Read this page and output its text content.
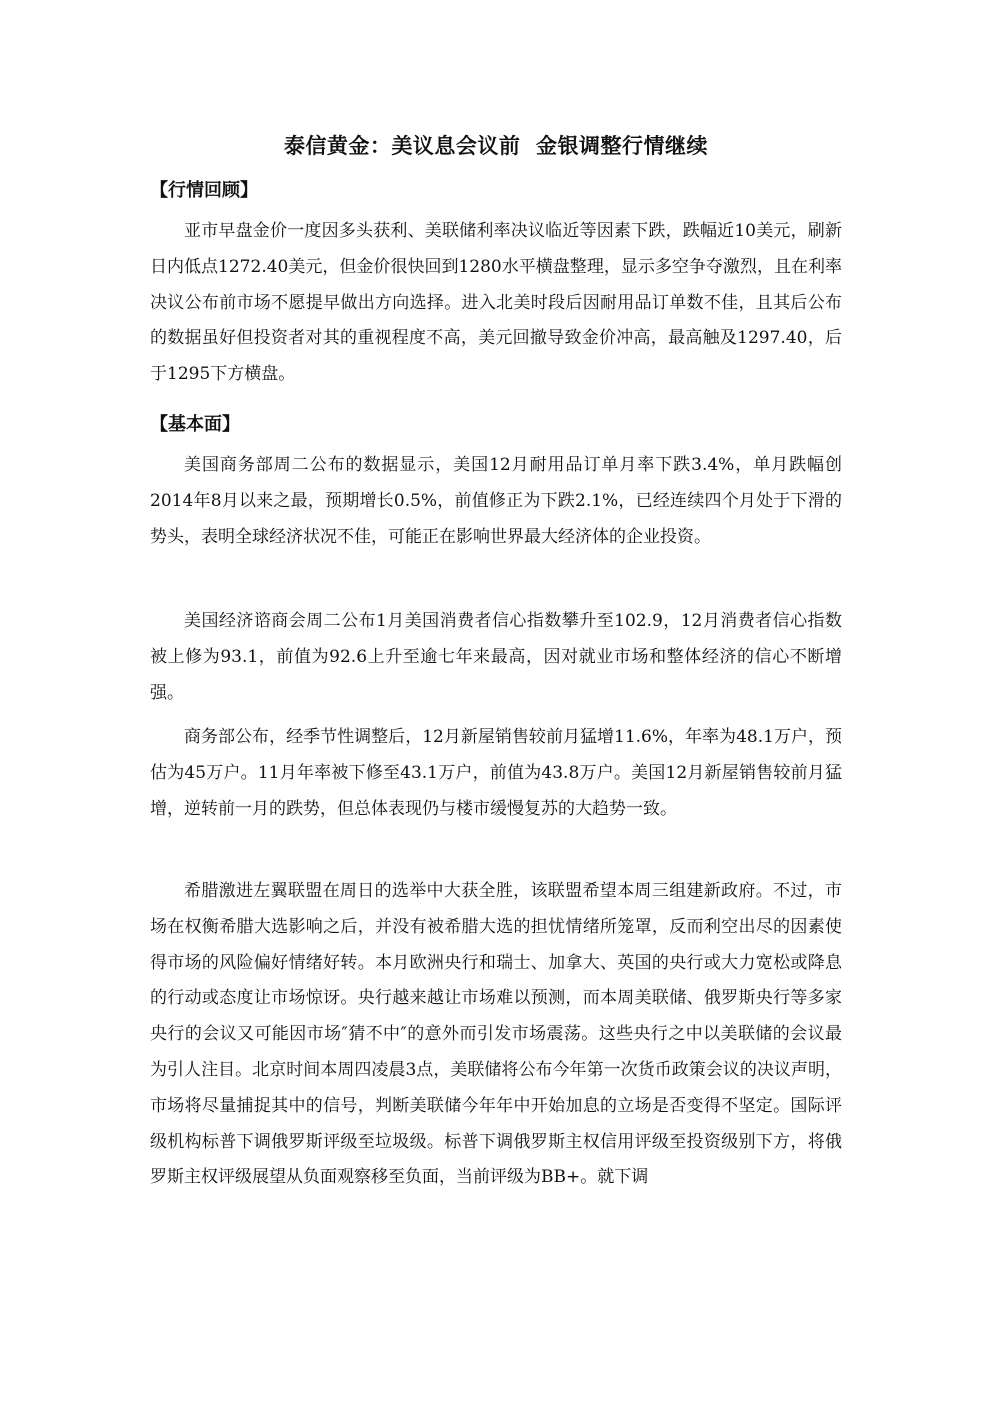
泰信黄金：美议息会议前  金银调整行情继续
【行情回顾】

亚市早盘金价一度因多头获利、美联储利率决议临近等因素下跌，跌幅近10美元，刷新日内低点1272.40美元，但金价很快回到1280水平横盘整理，显示多空争夺激烈，且在利率决议公布前市场不愿提早做出方向选择。进入北美时段后因耐用品订单数不佳，且其后公布的数据虽好但投资者对其的重视程度不高，美元回撤导致金价冲高，最高触及1297.40，后于1295下方横盘。

【基本面】

美国商务部周二公布的数据显示，美国12月耐用品订单月率下跌3.4%，单月跌幅创2014年8月以来之最，预期增长0.5%，前值修正为下跌2.1%，已经连续四个月处于下滑的势头，表明全球经济状况不佳，可能正在影响世界最大经济体的企业投资。

美国经济谘商会周二公布1月美国消费者信心指数攀升至102.9，12月消费者信心指数被上修为93.1，前值为92.6上升至逾七年来最高，因对就业市场和整体经济的信心不断增强。

商务部公布，经季节性调整后，12月新屋销售较前月猛增11.6%，年率为48.1万户，预估为45万户。11月年率被下修至43.1万户，前值为43.8万户。美国12月新屋销售较前月猛增，逆转前一月的跌势，但总体表现仍与楼市缓慢复苏的大趋势一致。

希腊激进左翼联盟在周日的选举中大获全胜，该联盟希望本周三组建新政府。不过，市场在权衡希腊大选影响之后，并没有被希腊大选的担忧情绪所笼罩，反而利空出尽的因素使得市场的风险偏好情绪好转。本月欧洲央行和瑞士、加拿大、英国的央行或大力宽松或降息的行动或态度让市场惊讶。央行越来越让市场难以预测，而本周美联储、俄罗斯央行等多家央行的会议又可能因市场″猜不中″的意外而引发市场震荡。这些央行之中以美联储的会议最为引人注目。北京时间本周四凌晨3点，美联储将公布今年第一次货币政策会议的决议声明，市场将尽量捕捉其中的信号，判断美联储今年年中开始加息的立场是否变得不坚定。国际评级机构标普下调俄罗斯评级至垃圾级。标普下调俄罗斯主权信用评级至投资级别下方，将俄罗斯主权评级展望从负面观察移至负面，当前评级为BB+。就下调
